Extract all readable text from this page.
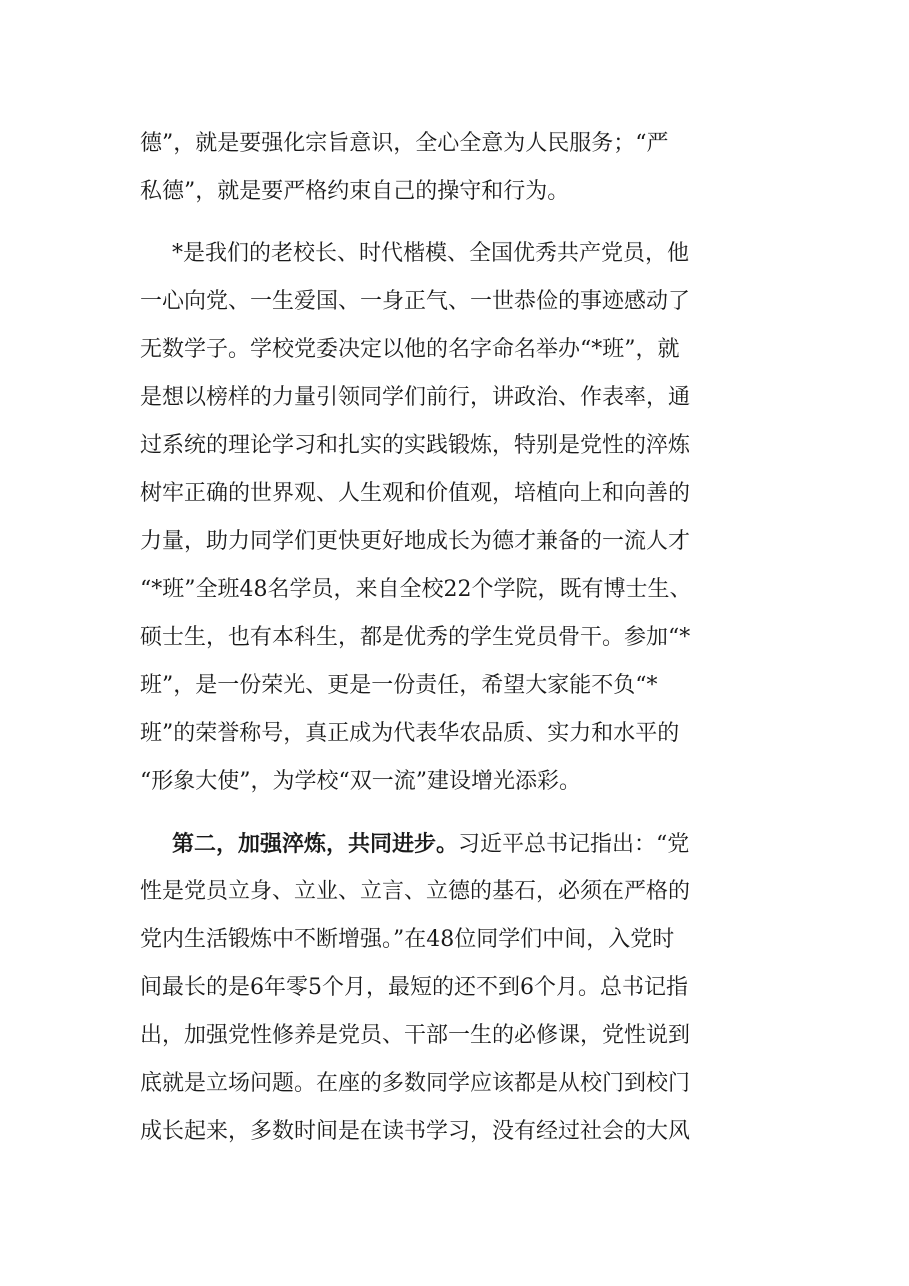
德”，就是要强化宗旨意识，全心全意为人民服务；“严
私德”，就是要严格约束自己的操守和行为。
*是我们的老校长、时代楷模、全国优秀共产党员，他
一心向党、一生爱国、一身正气、一世恭俭的事迹感动了
无数学子。学校党委决定以他的名字命名举办“*班”，就
是想以榜样的力量引领同学们前行，讲政治、作表率，通
过系统的理论学习和扎实的实践锻炼，特别是党性的淬炼
树牢正确的世界观、人生观和价值观，培植向上和向善的
力量，助力同学们更快更好地成长为德才兼备的一流人才
“*班”全班48名学员，来自全校22个学院，既有博士生、
硕士生，也有本科生，都是优秀的学生党员骨干。参加“*
班”，是一份荣光、更是一份责任，希望大家能不负“*
班”的荣誉称号，真正成为代表华农品质、实力和水平的
“形象大使”，为学校“双一流”建设增光添彩。
第二，加强淬炼，共同进步。习近平总书记指出：“党
性是党员立身、立业、立言、立德的基石，必须在严格的
党内生活锻炼中不断增强。”在48位同学们中间，入党时
间最长的是6年零5个月，最短的还不到6个月。总书记指
出，加强党性修养是党员、干部一生的必修课，党性说到
底就是立场问题。在座的多数同学应该都是从校门到校门
成长起来，多数时间是在读书学习，没有经过社会的大风
